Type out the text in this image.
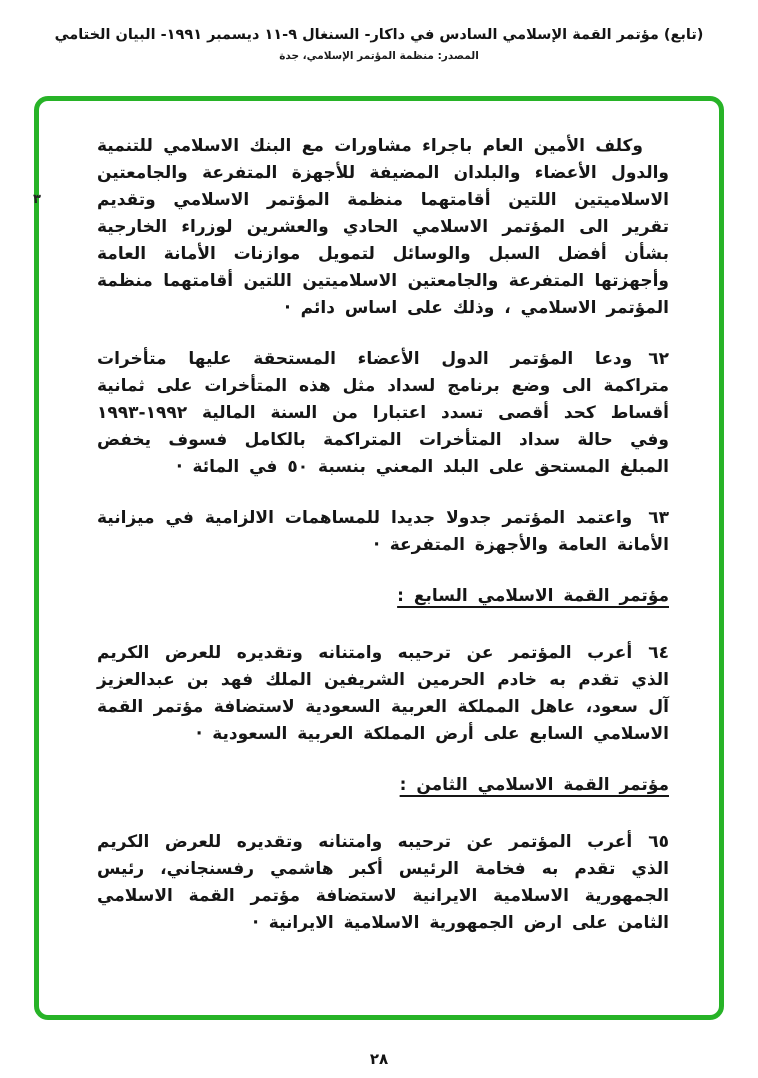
(تابع) مؤتمر القمة الإسلامي السادس في داكار- السنغال ٩-١١ ديسمبر ١٩٩١- البيان الختامي
المصدر: منظمة المؤتمر الإسلامي، جدة
٣

وكلف الأمين العام باجراء مشاورات مع البنك الاسلامي للتنمية والدول الأعضاء والبلدان المضيفة للأجهزة المتفرعة والجامعتين الاسلاميتين اللتين أقامتهما منظمة المؤتمر الاسلامي وتقديم تقرير الى المؤتمر الاسلامي الحادي والعشرين لوزراء الخارجية بشأن أفضل السبل والوسائل لتمويل موازنات الأمانة العامة وأجهزتها المتفرعة والجامعتين الاسلاميتين اللتين أقامتهما منظمة المؤتمر الاسلامي ، وذلك على اساس دائم ·

٦٢ودعا المؤتمر الدول الأعضاء المستحقة عليها متأخرات متراكمة الى وضع برنامج لسداد مثل هذه المتأخرات على ثمانية أقساط كحد أقصى تسدد اعتبارا من السنة المالية ١٩٩٢-١٩٩٣ وفي حالة سداد المتأخرات المتراكمة بالكامل فسوف يخفض المبلغ المستحق على البلد المعني بنسبة ٥٠ في المائة ·

٦٣واعتمد المؤتمر جدولا جديدا للمساهمات الالزامية في ميزانية الأمانة العامة والأجهزة المتفرعة ·

مؤتمر القمة الاسلامي السابع :

٦٤أعرب المؤتمر عن ترحيبه وامتنانه وتقديره للعرض الكريم الذي تقدم به خادم الحرمين الشريفين الملك فهد بن عبدالعزيز آل سعود، عاهل المملكة العربية السعودية لاستضافة مؤتمر القمة الاسلامي السابع على أرض المملكة العربية السعودية ·

مؤتمر القمة الاسلامي الثامن :

٦٥أعرب المؤتمر عن ترحيبه وامتنانه وتقديره للعرض الكريم الذي تقدم به فخامة الرئيس أكبر هاشمي رفسنجاني، رئيس الجمهورية الاسلامية الايرانية لاستضافة مؤتمر القمة الاسلامي الثامن على ارض الجمهورية الاسلامية الايرانية ·

٢٨
